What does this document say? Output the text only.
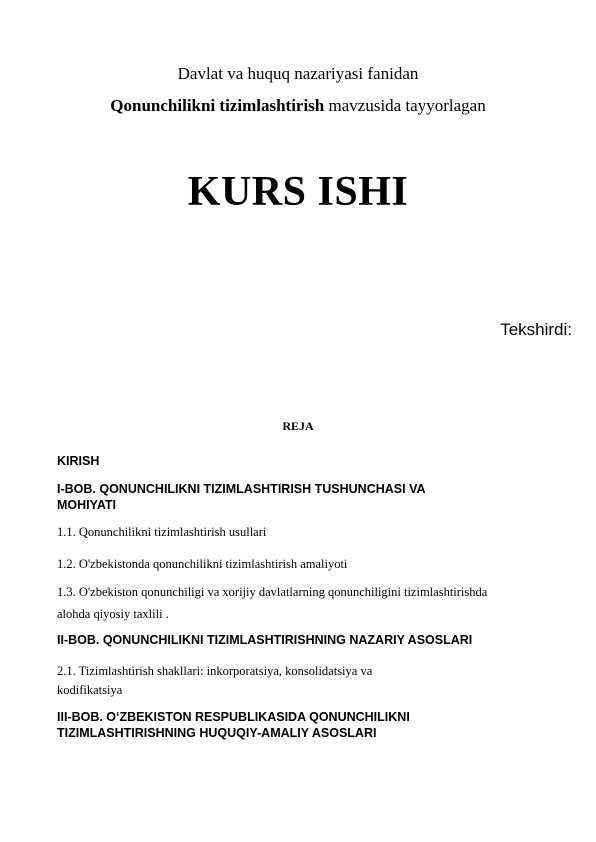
Davlat va huquq nazariyasi fanidan
Qonunchilikni tizimlashtirish mavzusida tayyorlagan
KURS ISHI
Tekshirdi:
REJA
KIRISH
I-BOB. QONUNCHILIKNI TIZIMLASHTIRISH TUSHUNCHASI VA
MOHIYATI
1.1. Qonunchilikni tizimlashtirish usullari
1.2. O'zbekistonda qonunchilikni tizimlashtirish amaliyoti
1.3. O'zbekiston qonunchiligi va xorijiy davlatlarning qonunchiligini tizimlashtirishda
alohda qiyosiy taxlili .
II-BOB. QONUNCHILIKNI TIZIMLASHTIRISHNING NAZARIY ASOSLARI
2.1. Tizimlashtirish shakllari: inkorporatsiya, konsolidatsiya va
kodifikatsiya
III-BOB. O‘ZBEKISTON RESPUBLIKASIDA QONUNCHILIKNI
TIZIMLASHTIRISHNING HUQUQIY-AMALIY ASOSLARI
